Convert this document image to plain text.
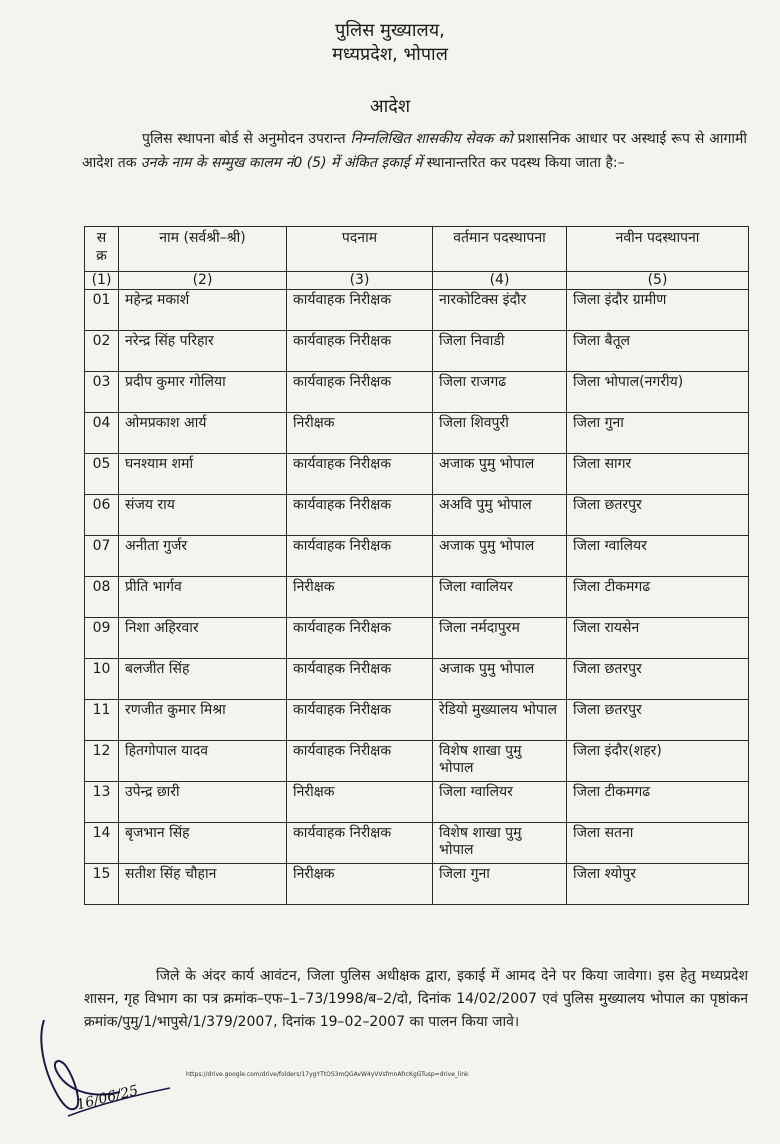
पुलिस मुख्यालय,
मध्यप्रदेश, भोपाल
आदेश
पुलिस स्थापना बोर्ड से अनुमोदन उपरान्त निम्नलिखित शासकीय सेवक को प्रशासनिक आधार पर अस्थाई रूप से आगामी आदेश तक उनके नाम के सम्मुख कालम नं0 (5) में अंकित इकाई में स्थानान्तरित कर पदस्थ किया जाता है:–
स क्र	नाम (सर्वश्री–श्री)	पदनाम	वर्तमान पदस्थापना	नवीन पदस्थापना
(1)	(2)	(3)	(4)	(5)
01	महेन्द्र मकार्श	कार्यवाहक निरीक्षक	नारकोटिक्स इंदौर	जिला इंदौर ग्रामीण
02	नरेन्द्र सिंह परिहार	कार्यवाहक निरीक्षक	जिला निवाडी	जिला बैतूल
03	प्रदीप कुमार गोलिया	कार्यवाहक निरीक्षक	जिला राजगढ	जिला भोपाल(नगरीय)
04	ओमप्रकाश आर्य	निरीक्षक	जिला शिवपुरी	जिला गुना
05	घनश्याम शर्मा	कार्यवाहक निरीक्षक	अजाक पुमु भोपाल	जिला सागर
06	संजय राय	कार्यवाहक निरीक्षक	अअवि पुमु भोपाल	जिला छतरपुर
07	अनीता गुर्जर	कार्यवाहक निरीक्षक	अजाक पुमु भोपाल	जिला ग्वालियर
08	प्रीति भार्गव	निरीक्षक	जिला ग्वालियर	जिला टीकमगढ
09	निशा अहिरवार	कार्यवाहक निरीक्षक	जिला नर्मदापुरम	जिला रायसेन
10	बलजीत सिंह	कार्यवाहक निरीक्षक	अजाक पुमु भोपाल	जिला छतरपुर
11	रणजीत कुमार मिश्रा	कार्यवाहक निरीक्षक	रेडियो मुख्यालय भोपाल	जिला छतरपुर
12	हितगोपाल यादव	कार्यवाहक निरीक्षक	विशेष शाखा पुमु भोपाल	जिला इंदौर(शहर)
13	उपेन्द्र छारी	निरीक्षक	जिला ग्वालियर	जिला टीकमगढ
14	बृजभान सिंह	कार्यवाहक निरीक्षक	विशेष शाखा पुमु भोपाल	जिला सतना
15	सतीश सिंह चौहान	निरीक्षक	जिला गुना	जिला श्योपुर
जिले के अंदर कार्य आवंटन, जिला पुलिस अधीक्षक द्वारा, इकाई में आमद देने पर किया जावेगा। इस हेतु मध्यप्रदेश शासन, गृह विभाग का पत्र क्रमांक–एफ–1–73/1998/ब–2/दो, दिनांक 14/02/2007 एवं पुलिस मुख्यालय भोपाल का पृष्ठांकन क्रमांक/पुमु/1/भापुसे/1/379/2007, दिनांक 19–02–2007 का पालन किया जावे।
16/06/25
https://drive.google.com/drive/folders/17ygYTtOS3mQGAvW4yVVsfmnAfrcKgGTusp=drive_link
